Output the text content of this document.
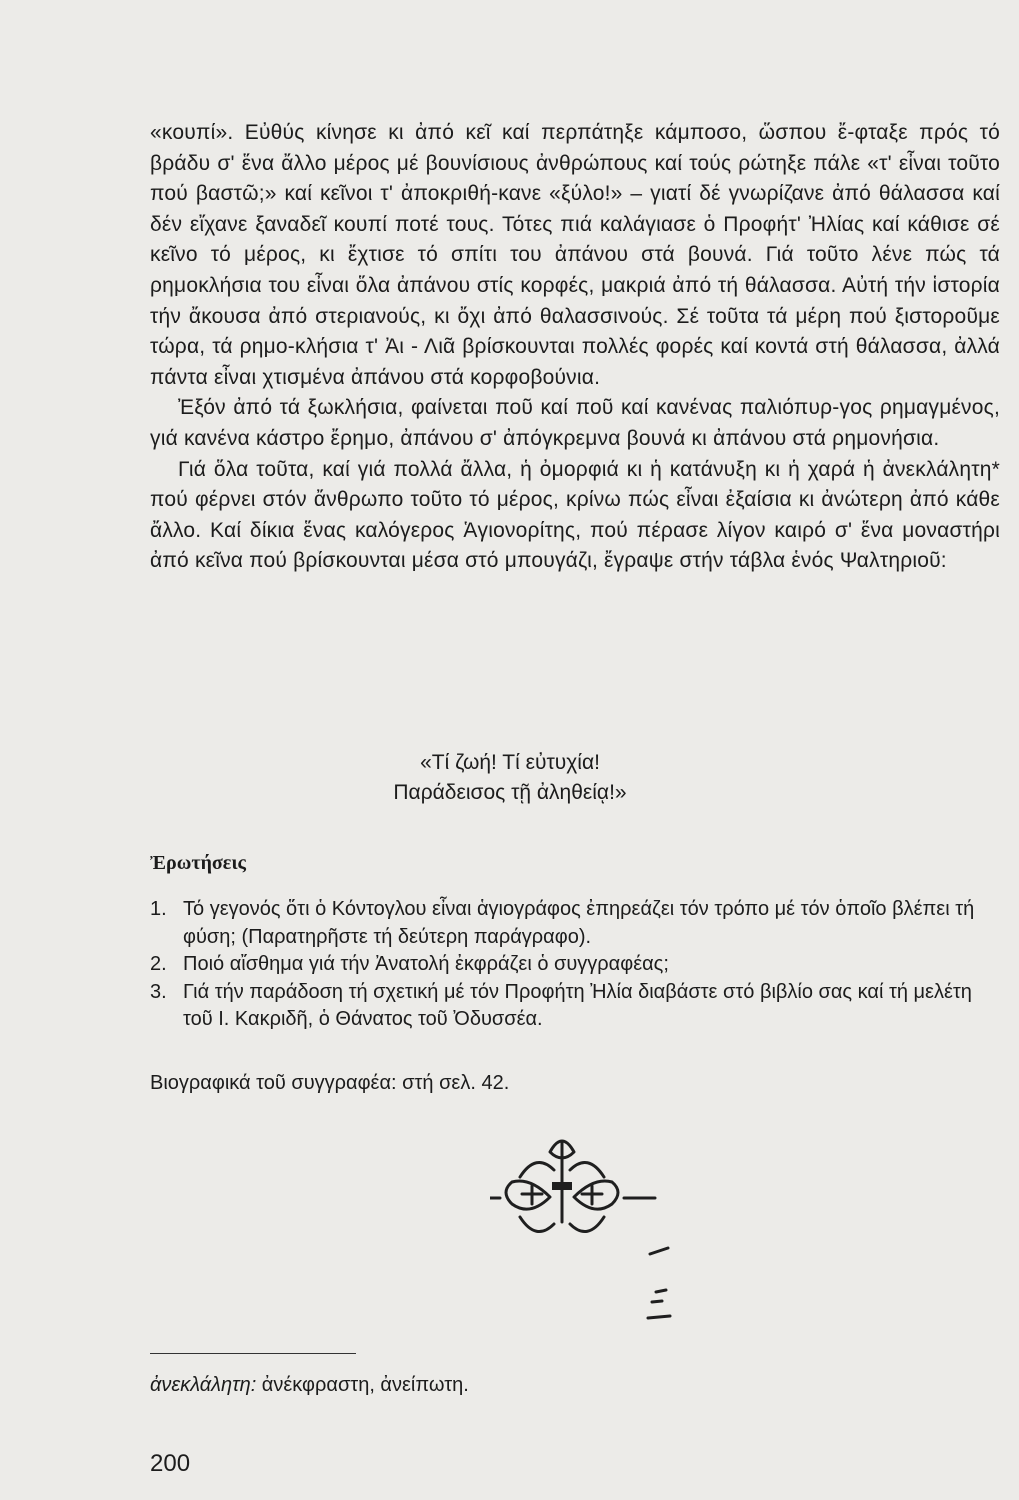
«κουπί». Εὐθύς κίνησε κι ἀπό κεῖ καί περπάτηξε κάμποσο, ὥσπου ἔ-φταξε πρός τό βράδυ σ' ἕνα ἄλλο μέρος μέ βουνίσιους ἀνθρώπους καί τούς ρώτηξε πάλε «τ' εἶναι τοῦτο πού βαστῶ;» καί κεῖνοι τ' ἀποκριθή-κανε «ξύλο!» – γιατί δέ γνωρίζανε ἀπό θάλασσα καί δέν εἴχανε ξαναδεῖ κουπί ποτέ τους. Τότες πιά καλάγιασε ὁ Προφήτ' Ἠλίας καί κάθισε σέ κεῖνο τό μέρος, κι ἔχτισε τό σπίτι του ἀπάνου στά βουνά. Γιά τοῦτο λένε πώς τά ρημοκλήσια του εἶναι ὅλα ἀπάνου στίς κορφές, μακριά ἀπό τή θάλασσα. Αὐτή τήν ἱστορία τήν ἄκουσα ἀπό στεριανούς, κι ὄχι ἀπό θαλασσινούς. Σέ τοῦτα τά μέρη πού ξιστοροῦμε τώρα, τά ρημο-κλήσια τ' Ἀι - Λιᾶ βρίσκουνται πολλές φορές καί κοντά στή θάλασσα, ἀλλά πάντα εἶναι χτισμένα ἀπάνου στά κορφοβούνια.

Ἐξόν ἀπό τά ξωκλήσια, φαίνεται ποῦ καί ποῦ καί κανένας παλιόπυρ-γος ρημαγμένος, γιά κανένα κάστρο ἔρημο, ἀπάνου σ' ἀπόγκρεμνα βουνά κι ἀπάνου στά ρημονήσια.

Γιά ὅλα τοῦτα, καί γιά πολλά ἄλλα, ἡ ὀμορφιά κι ἡ κατάνυξη κι ἡ χαρά ἡ ἀνεκλάλητη* πού φέρνει στόν ἄνθρωπο τοῦτο τό μέρος, κρίνω πώς εἶναι ἐξαίσια κι ἀνώτερη ἀπό κάθε ἄλλο. Καί δίκια ἕνας καλόγερος Ἁγιονορίτης, πού πέρασε λίγον καιρό σ' ἕνα μοναστήρι ἀπό κεῖνα πού βρίσκουνται μέσα στό μπουγάζι, ἔγραψε στήν τάβλα ἑνός Ψαλτηριοῦ:

«Τί ζωή! Τί εὐτυχία!
Παράδεισος τῇ ἀληθείᾳ!»
Ἐρωτήσεις
1. Τό γεγονός ὅτι ὁ Κόντογλου εἶναι ἁγιογράφος ἐπηρεάζει τόν τρόπο μέ τόν ὁποῖο βλέπει τή φύση; (Παρατηρῆστε τή δεύτερη παράγραφο).
2. Ποιό αἴσθημα γιά τήν Ἀνατολή ἐκφράζει ὁ συγγραφέας;
3. Γιά τήν παράδοση τή σχετική μέ τόν Προφήτη Ἠλία διαβάστε στό βιβλίο σας καί τή μελέτη τοῦ Ι. Κακριδῆ, ὁ Θάνατος τοῦ Ὀδυσσέα.
Βιογραφικά τοῦ συγγραφέα: στή σελ. 42.
ἀνεκλάλητη: ἀνέκφραστη, ἀνείπωτη.
200
